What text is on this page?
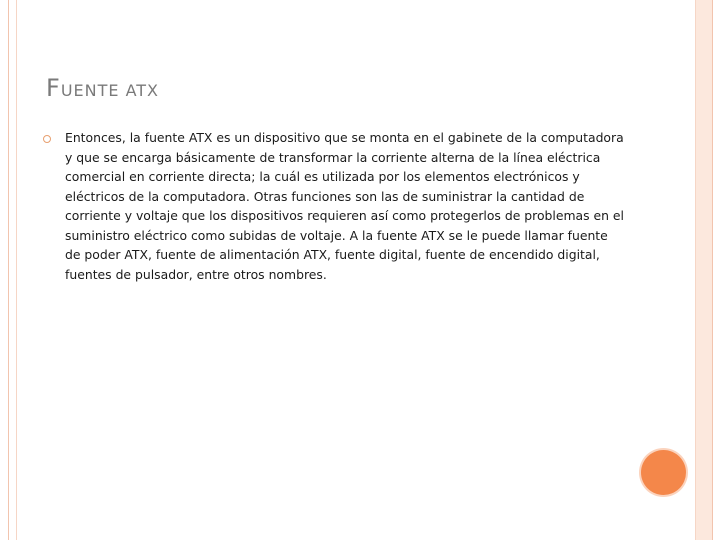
FUENTE ATX

Entonces, la fuente ATX es un dispositivo que se monta en el gabinete de la computadora y que se encarga básicamente de transformar la corriente alterna de la línea eléctrica comercial en corriente directa; la cuál es utilizada por los elementos electrónicos y eléctricos de la computadora. Otras funciones son las de suministrar la cantidad de corriente y voltaje que los dispositivos requieren así como protegerlos de problemas en el suministro eléctrico como subidas de voltaje. A la fuente ATX se le puede llamar fuente de poder ATX, fuente de alimentación ATX, fuente digital, fuente de encendido digital, fuentes de pulsador, entre otros nombres.
